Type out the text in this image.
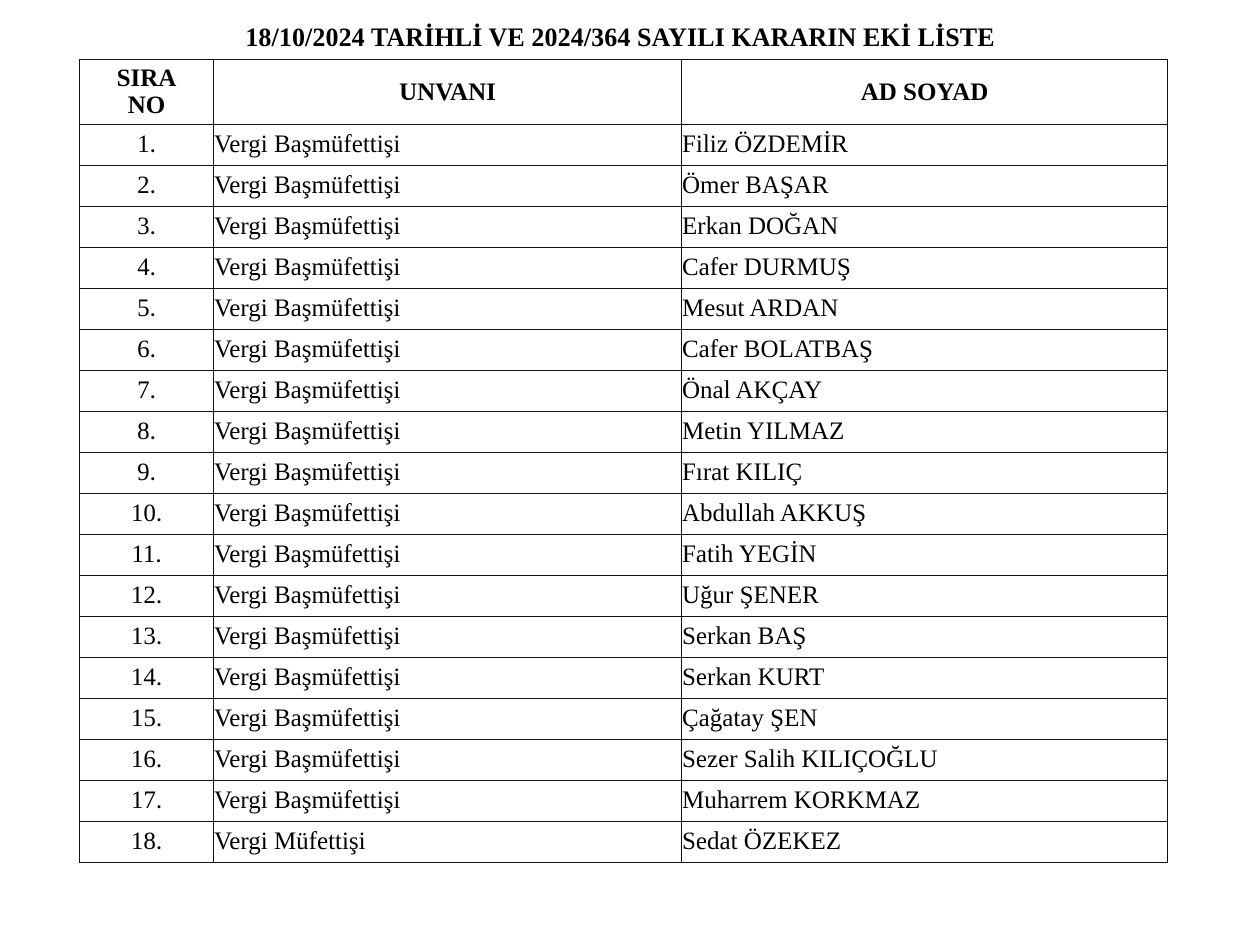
18/10/2024 TARİHLİ VE 2024/364 SAYILI KARARIN EKİ LİSTE
SIRA
NO	UNVANI	AD SOYAD
1.	Vergi Başmüfettişi	Filiz ÖZDEMİR
2.	Vergi Başmüfettişi	Ömer BAŞAR
3.	Vergi Başmüfettişi	Erkan DOĞAN
4.	Vergi Başmüfettişi	Cafer DURMUŞ
5.	Vergi Başmüfettişi	Mesut ARDAN
6.	Vergi Başmüfettişi	Cafer BOLATBAŞ
7.	Vergi Başmüfettişi	Önal AKÇAY
8.	Vergi Başmüfettişi	Metin YILMAZ
9.	Vergi Başmüfettişi	Fırat KILIÇ
10.	Vergi Başmüfettişi	Abdullah AKKUŞ
11.	Vergi Başmüfettişi	Fatih YEGİN
12.	Vergi Başmüfettişi	Uğur ŞENER
13.	Vergi Başmüfettişi	Serkan BAŞ
14.	Vergi Başmüfettişi	Serkan KURT
15.	Vergi Başmüfettişi	Çağatay ŞEN
16.	Vergi Başmüfettişi	Sezer Salih KILIÇOĞLU
17.	Vergi Başmüfettişi	Muharrem KORKMAZ
18.	Vergi Müfettişi	Sedat ÖZEKEZ
